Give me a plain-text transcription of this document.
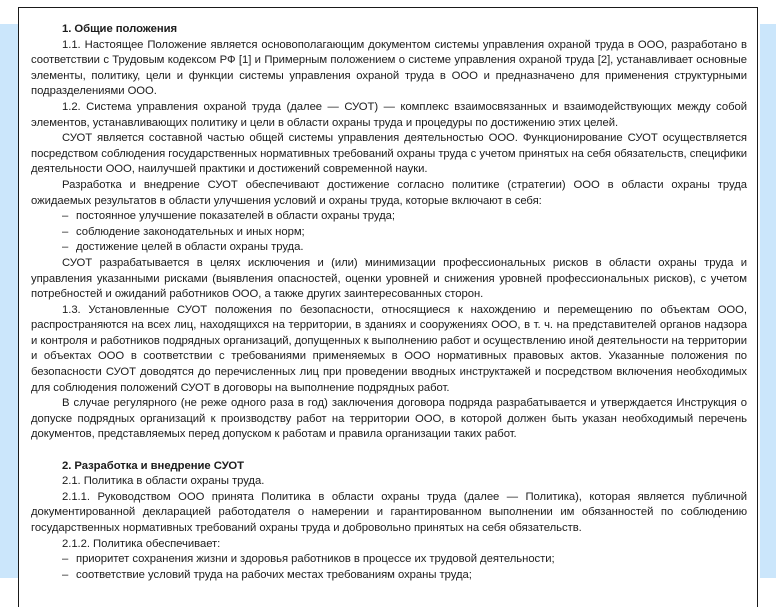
1. Общие положения

1.1. Настоящее Положение является основополагающим документом системы управления охраной труда в ООО, разработано в соответствии с Трудовым кодексом РФ [1] и Примерным положением о системе управления охраной труда [2], устанавливает основные элементы, политику, цели и функции системы управления охраной труда в ООО и предназначено для применения структурными подразделениями ООО.

1.2. Система управления охраной труда (далее — СУОТ) — комплекс взаимосвязанных и взаимодействующих между собой элементов, устанавливающих политику и цели в области охраны труда и процедуры по достижению этих целей.

СУОТ является составной частью общей системы управления деятельностью ООО. Функционирование СУОТ осуществляется посредством соблюдения государственных нормативных требований охраны труда с учетом принятых на себя обязательств, специфики деятельности ООО, наилучшей практики и достижений современной науки.

Разработка и внедрение СУОТ обеспечивают достижение согласно политике (стратегии) ООО в области охраны труда ожидаемых результатов в области улучшения условий и охраны труда, которые включают в себя:

– постоянное улучшение показателей в области охраны труда;

– соблюдение законодательных и иных норм;

– достижение целей в области охраны труда.

СУОТ разрабатывается в целях исключения и (или) минимизации профессиональных рисков в области охраны труда и управления указанными рисками (выявления опасностей, оценки уровней и снижения уровней профессиональных рисков), с учетом потребностей и ожиданий работников ООО, а также других заинтересованных сторон.

1.3. Установленные СУОТ положения по безопасности, относящиеся к нахождению и перемещению по объектам ООО, распространяются на всех лиц, находящихся на территории, в зданиях и сооружениях ООО, в т. ч. на представителей органов надзора и контроля и работников подрядных организаций, допущенных к выполнению работ и осуществлению иной деятельности на территории и объектах ООО в соответствии с требованиями применяемых в ООО нормативных правовых актов. Указанные положения по безопасности СУОТ доводятся до перечисленных лиц при проведении вводных инструктажей и посредством включения необходимых для соблюдения положений СУОТ в договоры на выполнение подрядных работ.

В случае регулярного (не реже одного раза в год) заключения договора подряда разрабатывается и утверждается Инструкция о допуске подрядных организаций к производству работ на территории ООО, в которой должен быть указан необходимый перечень документов, представляемых перед допуском к работам и правила организации таких работ.

2. Разработка и внедрение СУОТ

2.1. Политика в области охраны труда.

2.1.1. Руководством ООО принята Политика в области охраны труда (далее — Политика), которая является публичной документированной декларацией работодателя о намерении и гарантированном выполнении им обязанностей по соблюдению государственных нормативных требований охраны труда и добровольно принятых на себя обязательств.

2.1.2. Политика обеспечивает:

– приоритет сохранения жизни и здоровья работников в процессе их трудовой деятельности;

– соответствие условий труда на рабочих местах требованиям охраны труда;
